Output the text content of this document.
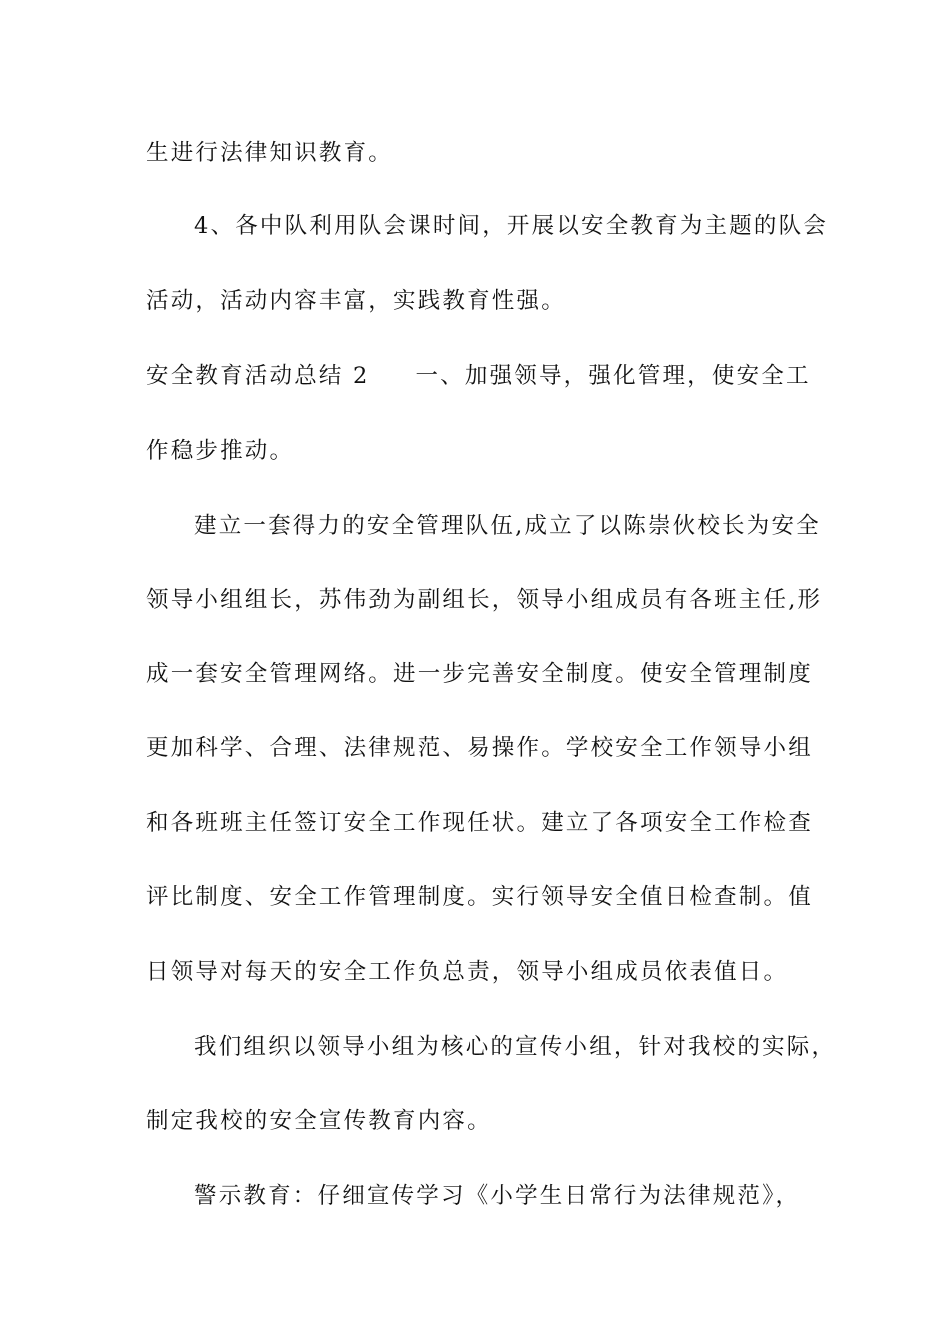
生进行法律知识教育。
4、各中队利用队会课时间，开展以安全教育为主题的队会
活动，活动内容丰富，实践教育性强。
安全教育活动总结 2 一、加强领导，强化管理，使安全工
作稳步推动。
建立一套得力的安全管理队伍,成立了以陈崇伙校长为安全
领导小组组长，苏伟劲为副组长，领导小组成员有各班主任,形
成一套安全管理网络。进一步完善安全制度。使安全管理制度
更加科学、合理、法律规范、易操作。学校安全工作领导小组
和各班班主任签订安全工作现任状。建立了各项安全工作检查
评比制度、安全工作管理制度。实行领导安全值日检查制。值
日领导对每天的安全工作负总责，领导小组成员依表值日。
我们组织以领导小组为核心的宣传小组，针对我校的实际，
制定我校的安全宣传教育内容。
警示教育：仔细宣传学习《小学生日常行为法律规范》，
